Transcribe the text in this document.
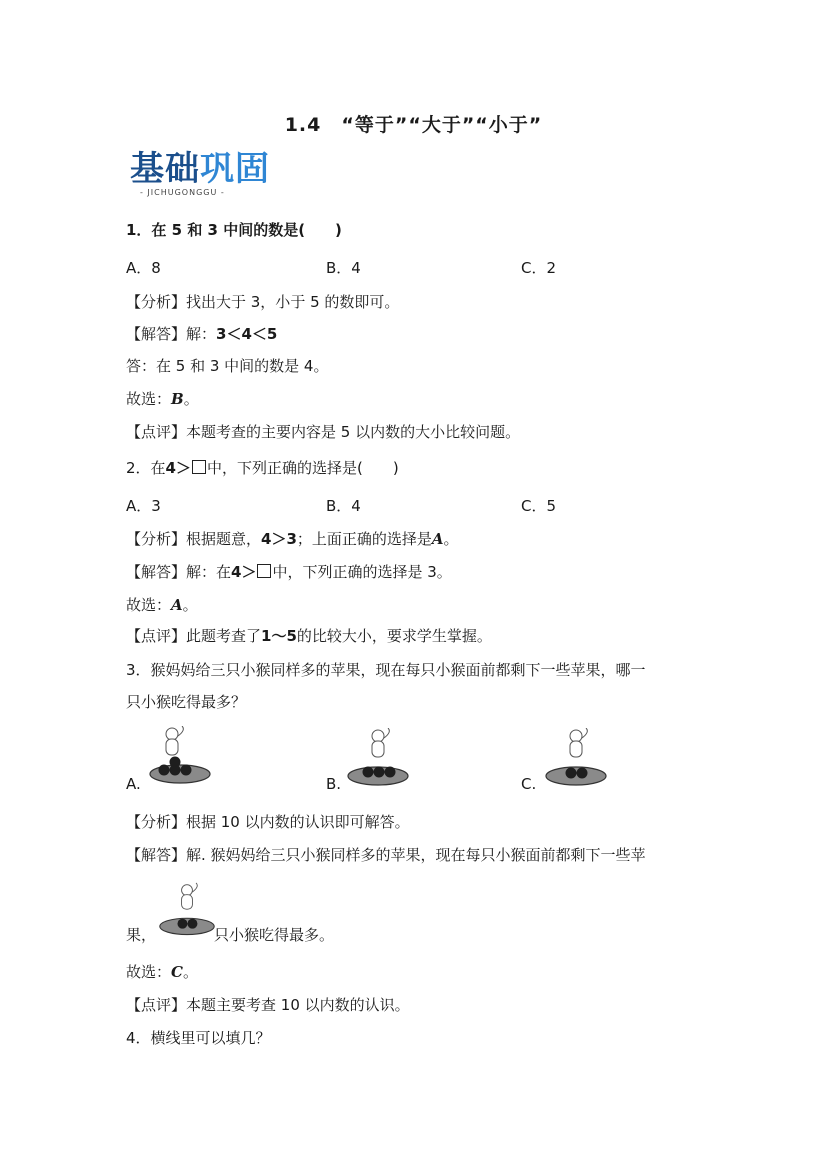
1.4　“等于”“大于”“小于”
基础巩固
- JICHUGONGGU -
1．在 5 和 3 中间的数是(　　)
A．8	B．4	C．2
【分析】找出大于 3，小于 5 的数即可。
【解答】解：3＜4＜5
答：在 5 和 3 中间的数是 4。
故选：B。
【点评】本题考查的主要内容是 5 以内数的大小比较问题。
2．在4＞ 中，下列正确的选择是(　　)
A．3	B．4	C．5
【分析】根据题意，4＞3；上面正确的选择是A。
【解答】解：在4＞ 中，下列正确的选择是 3。
故选：A。
【点评】此题考查了1～5的比较大小，要求学生掌握。
3．猴妈妈给三只小猴同样多的苹果，现在每只小猴面前都剩下一些苹果，哪一
只小猴吃得最多？
A.	B.	C.
【分析】根据 10 以内数的认识即可解答。
【解答】解. 猴妈妈给三只小猴同样多的苹果，现在每只小猴面前都剩下一些苹
果，	只小猴吃得最多。
故选：C。
【点评】本题主要考查 10 以内数的认识。
4．横线里可以填几？
